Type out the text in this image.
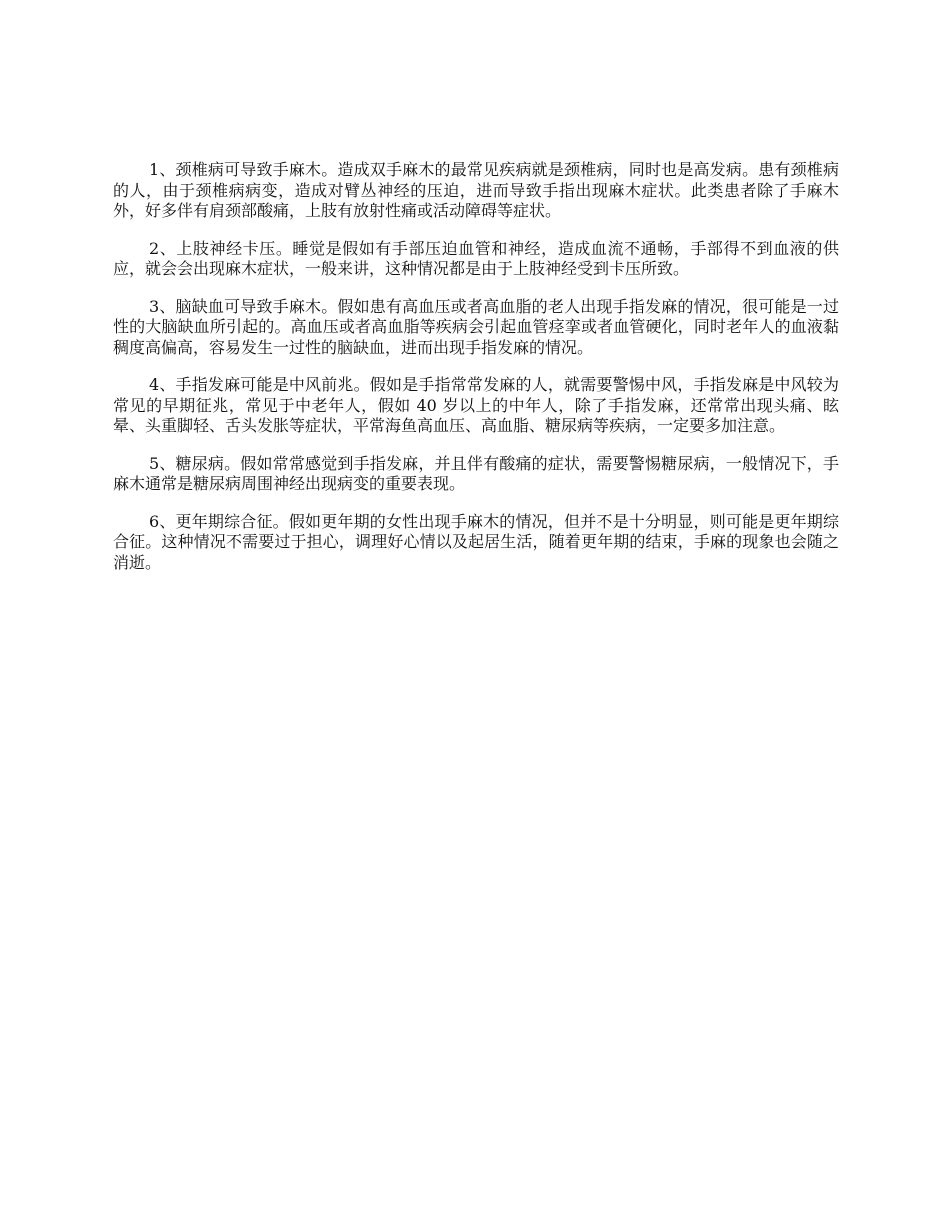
1、颈椎病可导致手麻木。造成双手麻木的最常见疾病就是颈椎病，同时也是高发病。患有颈椎病的人，由于颈椎病病变，造成对臂丛神经的压迫，进而导致手指出现麻木症状。此类患者除了手麻木外，好多伴有肩颈部酸痛，上肢有放射性痛或活动障碍等症状。

2、上肢神经卡压。睡觉是假如有手部压迫血管和神经，造成血流不通畅，手部得不到血液的供应，就会会出现麻木症状，一般来讲，这种情况都是由于上肢神经受到卡压所致。

3、脑缺血可导致手麻木。假如患有高血压或者高血脂的老人出现手指发麻的情况，很可能是一过性的大脑缺血所引起的。高血压或者高血脂等疾病会引起血管痉挛或者血管硬化，同时老年人的血液黏稠度高偏高，容易发生一过性的脑缺血，进而出现手指发麻的情况。

4、手指发麻可能是中风前兆。假如是手指常常发麻的人，就需要警惕中风，手指发麻是中风较为常见的早期征兆，常见于中老年人，假如 40 岁以上的中年人，除了手指发麻，还常常出现头痛、眩晕、头重脚轻、舌头发胀等症状，平常海鱼高血压、高血脂、糖尿病等疾病，一定要多加注意。

5、糖尿病。假如常常感觉到手指发麻，并且伴有酸痛的症状，需要警惕糖尿病，一般情况下，手麻木通常是糖尿病周围神经出现病变的重要表现。

6、更年期综合征。假如更年期的女性出现手麻木的情况，但并不是十分明显，则可能是更年期综合征。这种情况不需要过于担心，调理好心情以及起居生活，随着更年期的结束，手麻的现象也会随之消逝。
